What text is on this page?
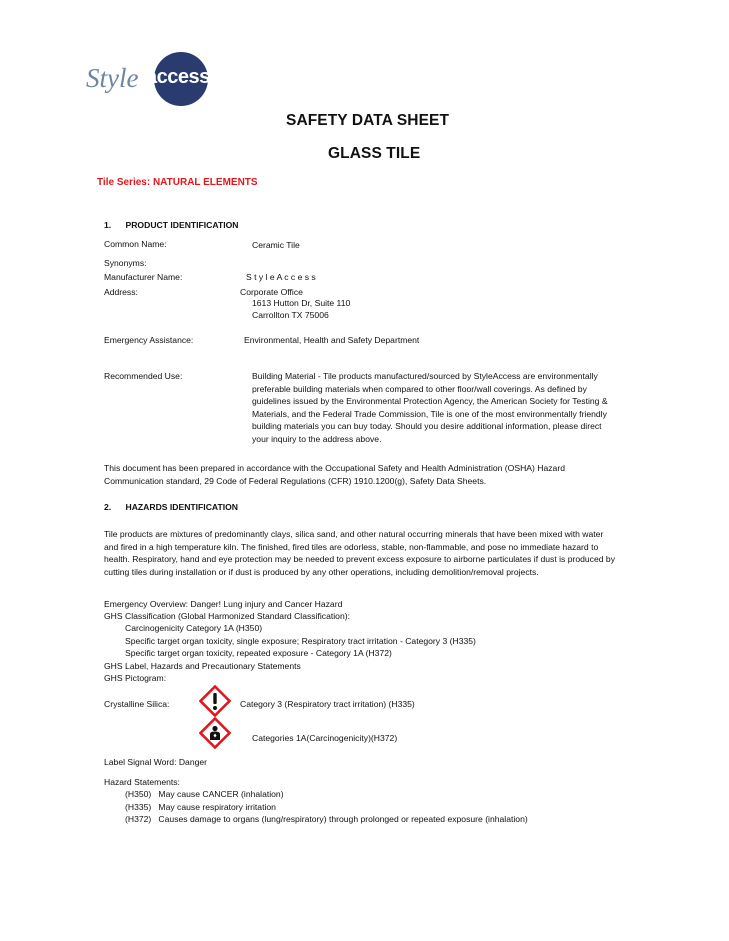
Style access
SAFETY DATA SHEET
GLASS TILE
Tile Series: NATURAL ELEMENTS
1.      PRODUCT IDENTIFICATION
Common Name:	Ceramic Tile
Synonyms:
Manufacturer Name:	S t y l e A c c e s s
Address:	Corporate Office
1613 Hutton Dr, Suite 110
Carrollton TX 75006
Emergency Assistance:	Environmental, Health and Safety Department
Recommended Use:	Building Material - Tile products manufactured/sourced by StyleAccess are environmentally
preferable building materials when compared to other floor/wall coverings. As defined by
guidelines issued by the Environmental Protection Agency, the American Society for Testing &
Materials, and the Federal Trade Commission, Tile is one of the most environmentally friendly
building materials you can buy today. Should you desire additional information, please direct
your inquiry to the address above.
This document has been prepared in accordance with the Occupational Safety and Health Administration (OSHA) Hazard
Communication standard, 29 Code of Federal Regulations (CFR) 1910.1200(g), Safety Data Sheets.
2.      HAZARDS IDENTIFICATION
Tile products are mixtures of predominantly clays, silica sand, and other natural occurring minerals that have been mixed with water
and fired in a high temperature kiln. The finished, fired tiles are odorless, stable, non-flammable, and pose no immediate hazard to
health. Respiratory, hand and eye protection may be needed to prevent excess exposure to airborne particulates if dust is produced by
cutting tiles during installation or if dust is produced by any other operations, including demolition/removal projects.
Emergency Overview: Danger! Lung injury and Cancer Hazard
GHS Classification (Global Harmonized Standard Classification):
Carcinogenicity Category 1A (H350)
Specific target organ toxicity, single exposure; Respiratory tract irritation - Category 3 (H335)
Specific target organ toxicity, repeated exposure - Category 1A (H372)
GHS Label, Hazards and Precautionary Statements
GHS Pictogram:
Crystalline Silica:	Category 3 (Respiratory tract irritation) (H335)
Categories 1A(Carcinogenicity)(H372)
Label Signal Word: Danger
Hazard Statements:
(H350)   May cause CANCER (inhalation)
(H335)   May cause respiratory irritation
(H372)   Causes damage to organs (lung/respiratory) through prolonged or repeated exposure (inhalation)
